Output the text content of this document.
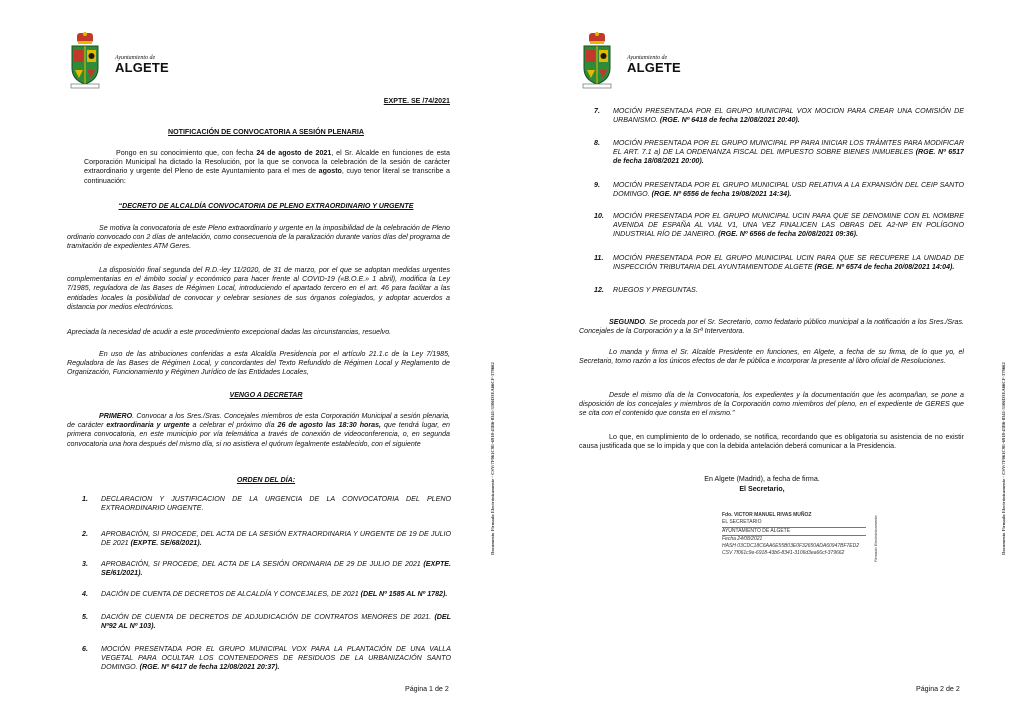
Ayuntamiento de
ALGETE
EXPTE. SE /74/2021
NOTIFICACIÓN DE CONVOCATORIA A SESIÓN PLENARIA
Pongo en su conocimiento que, con fecha 24 de agosto de 2021, el Sr. Alcalde en funciones de esta Corporación Municipal ha dictado la Resolución, por la que se convoca la celebración de la sesión de carácter extraordinario y urgente del Pleno de este Ayuntamiento para el mes de agosto, cuyo tenor literal se transcribe a continuación:
“DECRETO DE ALCALDÍA CONVOCATORIA DE PLENO EXTRAORDINARIO Y URGENTE
Se motiva la convocatoria de este Pleno extraordinario y urgente en la imposibilidad de la celebración de Pleno ordinario convocado con 2 días de antelación, como consecuencia de la paralización durante varios días del programa de tramitación de expedientes ATM Geres.
La disposición final segunda del R.D.-ley 11/2020, de 31 de marzo, por el que se adoptan medidas urgentes complementarias en el ámbito social y económico para hacer frente al COVID-19 («B.O.E.» 1 abril), modifica la Ley 7/1985, reguladora de las Bases de Régimen Local, introduciendo el apartado tercero en el art. 46 para facilitar a las entidades locales la posibilidad de convocar y celebrar sesiones de sus órganos colegiados, y adoptar acuerdos a distancia por medios electrónicos.
Apreciada la necesidad de acudir a este procedimiento excepcional dadas las circunstancias, resuelvo.
En uso de las atribuciones conferidas a esta Alcaldía Presidencia por el artículo 21.1.c de la Ley 7/1985, Reguladora de las Bases de Régimen Local, y concordantes del Texto Refundido de Régimen Local y Reglamento de Organización, Funcionamiento y Régimen Jurídico de las Entidades Locales,
VENGO A DECRETAR
PRIMERO. Convocar a los Sres./Sras. Concejales miembros de esta Corporación Municipal a sesión plenaria, de carácter extraordinaria y urgente a celebrar el próximo día 26 de agosto las 18:30 horas, que tendrá lugar, en primera convocatoria, en este municipio por vía telemática a través de conexión de videoconferencia, o, en segunda convocatoria una hora después del mismo día, si no asistiera el quórum legalmente establecido, con el siguiente
ORDEN DEL DÍA:
1. DECLARACION Y JUSTIFICACION DE LA URGENCIA DE LA CONVOCATORIA DEL PLENO EXTRAORDINARIO URGENTE.
2. APROBACIÓN, SI PROCEDE, DEL ACTA DE LA SESIÓN EXTRAORDINARIA Y URGENTE DE 19 DE JULIO DE 2021 (EXPTE. SE/68/2021).
3. APROBACIÓN, SI PROCEDE, DEL ACTA DE LA SESIÓN ORDINARIA DE 29 DE JULIO DE 2021 (EXPTE. SE/61/2021).
4. DACIÓN DE CUENTA DE DECRETOS DE ALCALDÍA Y CONCEJALES, DE 2021 (DEL Nº 1585 AL Nº 1782).
5. DACIÓN DE CUENTA DE DECRETOS DE ADJUDICACIÓN DE CONTRATOS MENORES DE 2021. (DEL Nº92 AL Nº 103).
6. MOCIÓN PRESENTADA POR EL GRUPO MUNICIPAL VOX PARA LA PLANTACIÓN DE UNA VALLA VEGETAL PARA OCULTAR LOS CONTENEDORES DE RESIDUOS DE LA URBANIZACIÓN SANTO DOMINGO. (RGE. Nº 6417 de fecha 12/08/2021 20:37).
Página 1 de 2
Documento Firmado Electrónicamente - CSV:7F061C9E-6918-43B6-8341-3106D3EA66CF-379662
Ayuntamiento de
ALGETE
7. MOCIÓN PRESENTADA POR EL GRUPO MUNICIPAL VOX MOCION PARA CREAR UNA COMISIÓN DE URBANISMO. (RGE. Nº 6418 de fecha 12/08/2021 20:40).
8. MOCIÓN PRESENTADA POR EL GRUPO MUNICIPAL PP PARA INICIAR LOS TRÁMITES PARA MODIFICAR EL ART. 7.1 a) DE LA ORDENANZA FISCAL DEL IMPUESTO SOBRE BIENES INMUEBLES (RGE. Nº 6517 de fecha 18/08/2021 20:00).
9. MOCIÓN PRESENTADA POR EL GRUPO MUNICIPAL USD RELATIVA A LA EXPANSIÓN DEL CEIP SANTO DOMINGO. (RGE. Nº 6556 de fecha 19/08/2021 14:34).
10. MOCIÓN PRESENTADA POR EL GRUPO MUNICIPAL UCIN PARA QUE SE DENOMINE CON EL NOMBRE AVENIDA DE ESPAÑA AL VIAL V1, UNA VEZ FINALICEN LAS OBRAS DEL A2-NP EN POLÍGONO INDUSTRIAL RÍO DE JANEIRO. (RGE. Nº 6566 de fecha 20/08/2021 09:36).
11. MOCIÓN PRESENTADA POR EL GRUPO MUNICIPAL UCIN PARA QUE SE RECUPERE LA UNIDAD DE INSPECCIÓN TRIBUTARIA DEL AYUNTAMIENTODE ALGETE (RGE. Nº 6574 de fecha 20/08/2021 14:04).
12. RUEGOS Y PREGUNTAS.
SEGUNDO. Se proceda por el Sr. Secretario, como fedatario público municipal a la notificación a los Sres./Sras. Concejales de la Corporación y a la Srª Interventora.
Lo manda y firma el Sr. Alcalde Presidente en funciones, en Algete, a fecha de su firma, de lo que yo, el Secretario, tomo razón a los únicos efectos de dar fe pública e incorporar la presente al libro oficial de Resoluciones.
Desde el mismo día de la Convocatoria, los expedientes y la documentación que les acompañan, se pone a disposición de los concejales y miembros de la Corporación como miembros del pleno, en el expediente de GERES que se cita con el contenido que consta en el mismo.”
Lo que, en cumplimiento de lo ordenado, se notifica, recordando que es obligatoria su asistencia de no existir causa justificada que se lo impida y que con la debida antelación deberá comunicar a la Presidencia.
En Algete (Madrid), a fecha de firma.
El Secretario,
Fdo. VICTOR MANUEL RIVAS MUÑOZ
EL SECRETARIO
AYUNTAMIENTO DE ALGETE
Fecha 24/08/2021
HASH 03CDC18C6AA6E55B03E0F32650ADA60947BF7ED2
CSV 7f061c9e-6918-43b6-8341-3106d3ea66cf-379662	Firmado Electrónicamente
Página 2 de 2
Documento Firmado Electrónicamente - CSV:7F061C9E-6918-43B6-8341-3106D3EA66CF-379662
